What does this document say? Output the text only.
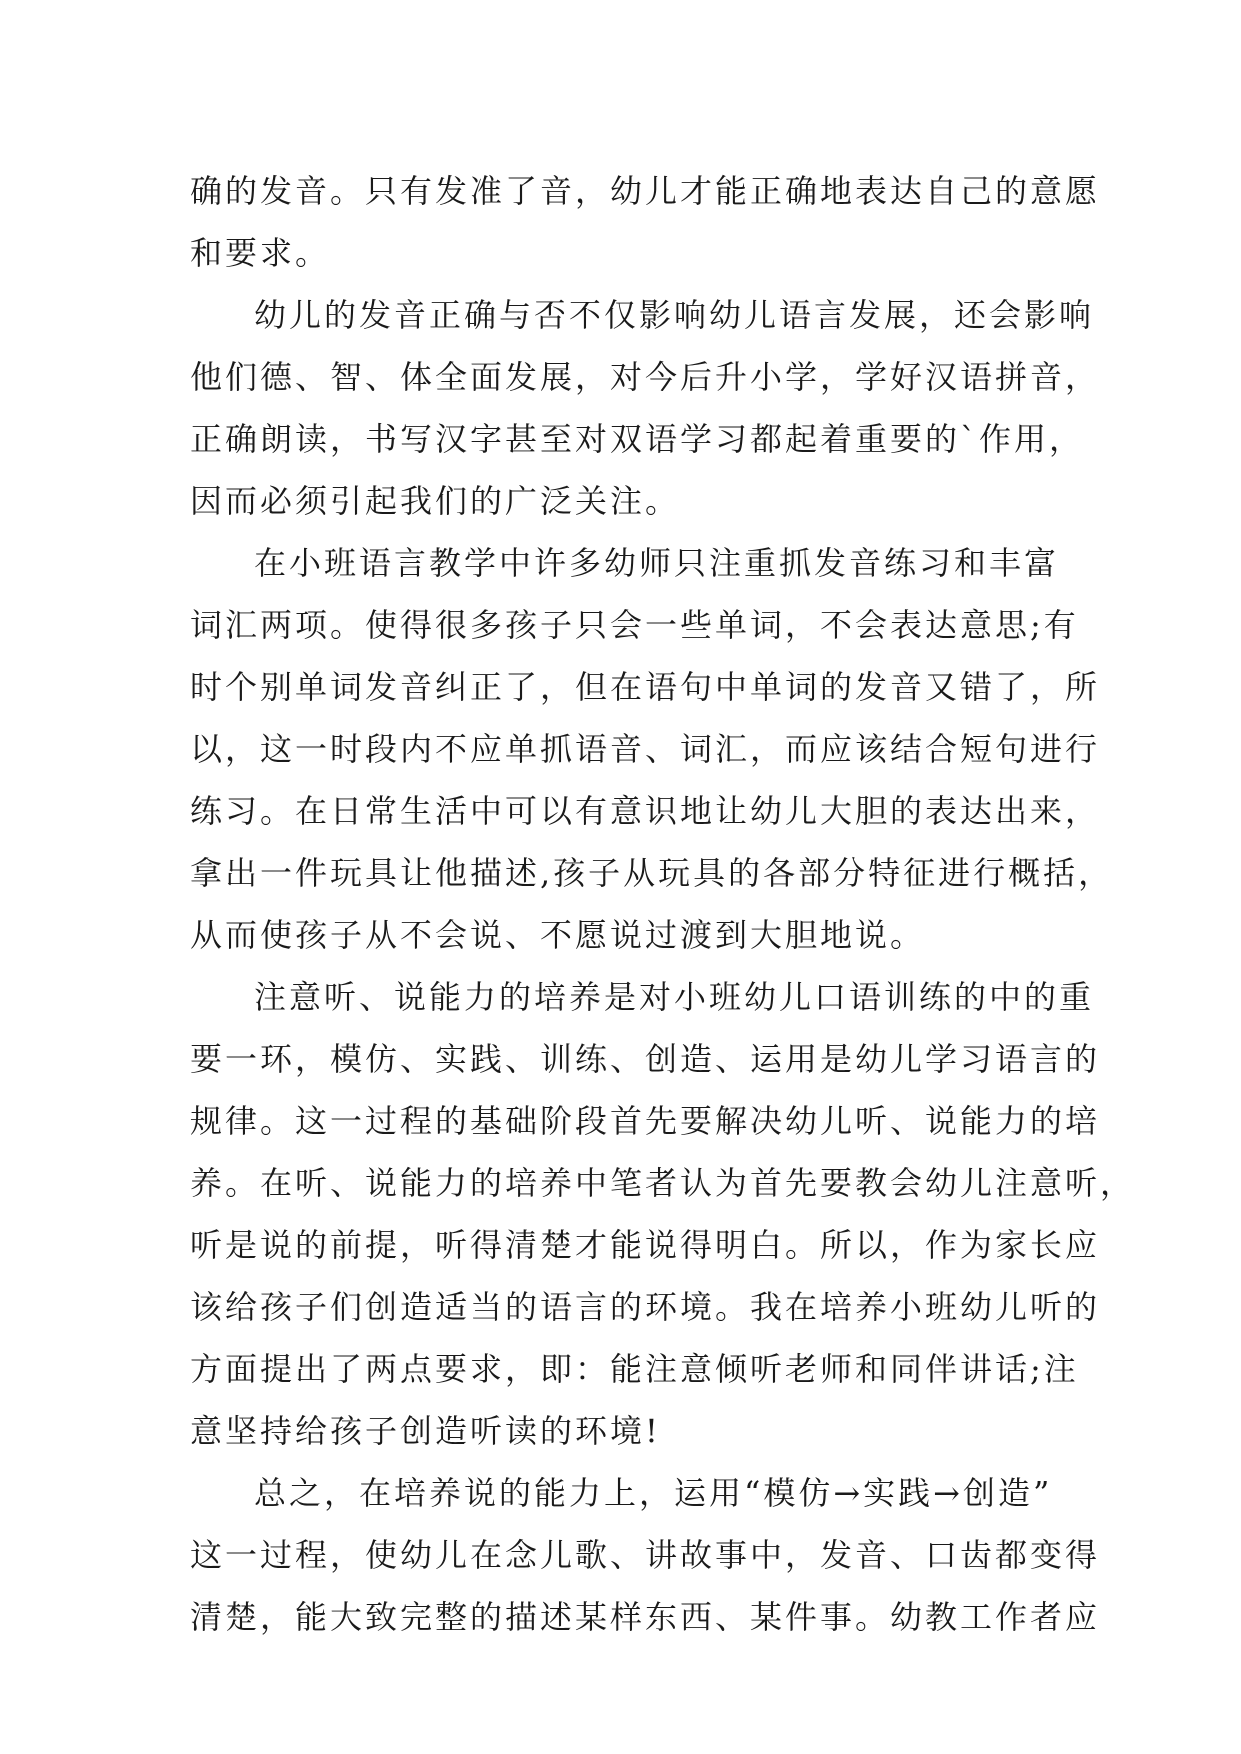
确的发音。只有发准了音，幼儿才能正确地表达自己的意愿
和要求。

幼儿的发音正确与否不仅影响幼儿语言发展，还会影响
他们德、智、体全面发展，对今后升小学，学好汉语拼音，
正确朗读，书写汉字甚至对双语学习都起着重要的`作用，
因而必须引起我们的广泛关注。

在小班语言教学中许多幼师只注重抓发音练习和丰富
词汇两项。使得很多孩子只会一些单词，不会表达意思;有
时个别单词发音纠正了，但在语句中单词的发音又错了，所
以，这一时段内不应单抓语音、词汇，而应该结合短句进行
练习。在日常生活中可以有意识地让幼儿大胆的表达出来，
拿出一件玩具让他描述,孩子从玩具的各部分特征进行概括，
从而使孩子从不会说、不愿说过渡到大胆地说。

注意听、说能力的培养是对小班幼儿口语训练的中的重
要一环，模仿、实践、训练、创造、运用是幼儿学习语言的
规律。这一过程的基础阶段首先要解决幼儿听、说能力的培
养。在听、说能力的培养中笔者认为首先要教会幼儿注意听，
听是说的前提，听得清楚才能说得明白。所以，作为家长应
该给孩子们创造适当的语言的环境。我在培养小班幼儿听的
方面提出了两点要求，即：能注意倾听老师和同伴讲话;注
意坚持给孩子创造听读的环境!

总之，在培养说的能力上，运用“模仿→实践→创造”
这一过程，使幼儿在念儿歌、讲故事中，发音、口齿都变得
清楚，能大致完整的描述某样东西、某件事。幼教工作者应
